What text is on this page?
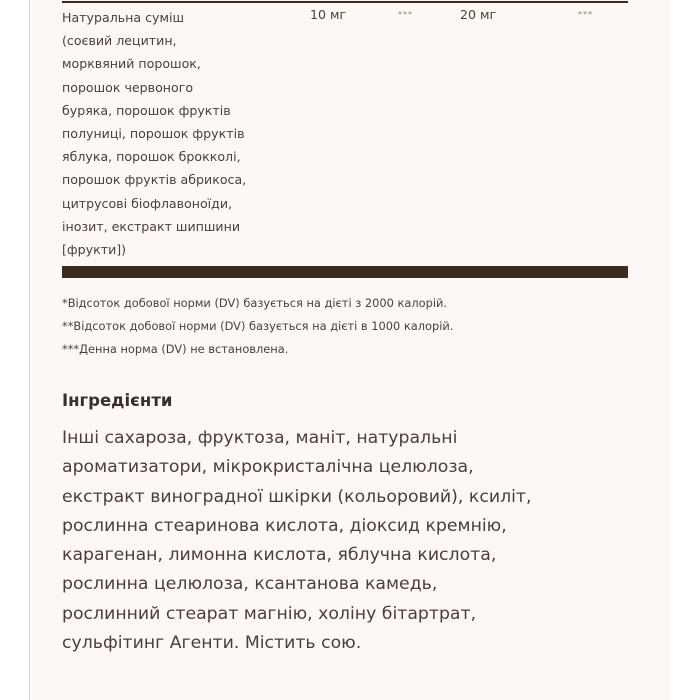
Натуральна суміш
(соєвий лецитин,
морквяний порошок,
порошок червоного
буряка, порошок фруктів
полуниці, порошок фруктів
яблука, порошок брокколі,
порошок фруктів абрикоса,
цитрусові біофлавоноїди,
інозит, екстракт шипшини
[фрукти])
10 мг	***	20 мг	***
*Відсоток добової норми (DV) базується на дієті з 2000 калорій.
**Відсоток добової норми (DV) базується на дієті в 1000 калорій.
***Денна норма (DV) не встановлена.
Інгредієнти
Інші сахароза, фруктоза, маніт, натуральні
ароматизатори, мікрокристалічна целюлоза,
екстракт виноградної шкірки (кольоровий), ксиліт,
рослинна стеаринова кислота, діоксид кремнію,
карагенан, лимонна кислота, яблучна кислота,
рослинна целюлоза, ксантанова камедь,
рослинний стеарат магнію, холіну бітартрат,
сульфітинг Агенти. Містить сою.
